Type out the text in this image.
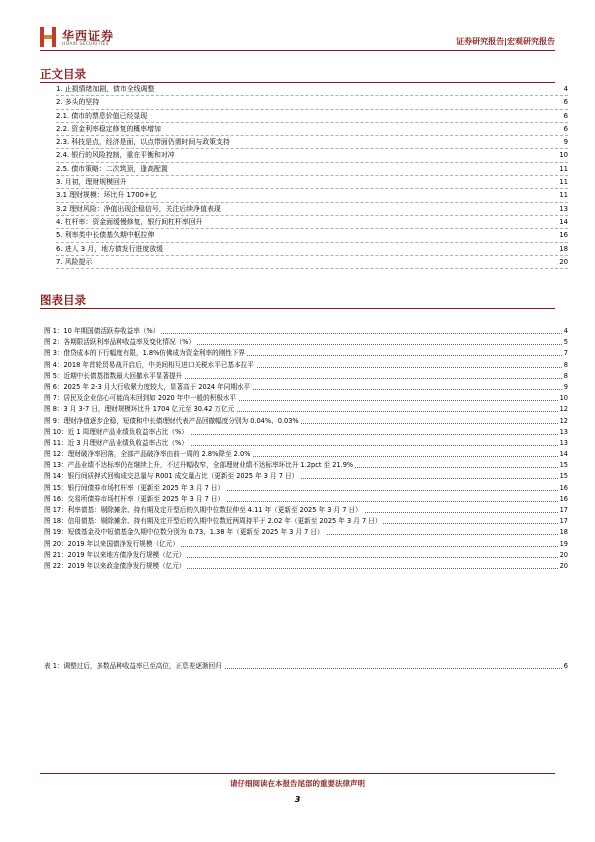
华西证券
HUAXI SECURITIES	证券研究报告|宏观研究报告
正文目录
1. 止损情绪加剧，债市全线调整	4
2. 多头的坚持	6
2.1. 债市的票息价值已经显现	6
2.2. 资金利率稳定修复的概率增加	6
2.3. 科技是点，经济是面，以点带面仍需时间与政策支持	9
2.4. 银行的风险控制，重在平衡和对冲	10
2.5. 债市策略：二次筑顶，逢高配置	11
3. 月初，理财规模回升	11
3.1 理财规模：环比升 1700+亿	11
3.2 理财风险：净值出现企稳信号，关注后续净值表现	13
4. 杠杆率：资金面缓慢修复，银行间杠杆率回升	14
5. 利率类中长债基久期中枢拉伸	16
6. 进入 3 月，地方债发行进度放缓	18
7. 风险提示	20
图表目录
图 1：10 年期国债活跃券收益率（%）	4
图 2：各期限活跃利率品种收益率及变化情况（%）	5
图 3：借贷成本的下行幅度有限，1.8%仿佛成为资金利率的刚性下界	7
图 4：2018 年首轮贸易战开启后，中美间相互进口关税水平已基本拉平	8
图 5：近期中长债基指数最大回撤水平显著提升	8
图 6：2025 年 2-3 月大行收紧力度较大，显著高于 2024 年同期水平	9
图 7：居民及企业信心可能尚未回到如 2020 年中一般的积极水平	10
图 8：3 月 3-7 日，理财规模环比升 1704 亿元至 30.42 万亿元	12
图 9：理财净值逐步企稳，短债和中长债理财代表产品回撤幅度分别为 0.04%、0.03%	12
图 10：近 1 周理财产品业绩负收益率占比（%）	13
图 11：近 3 月理财产品业绩负收益率占比（%）	13
图 12：理财破净率回落，全部产品破净率由前一周的 2.8%降至 2.0%	14
图 13：产品业绩不达标率仍在继续上升，不过升幅收窄，全部理财业绩不达标率环比升 1.2pct 至 21.9%	15
图 14：银行间质押式回购成交总量与 R001 成交量占比（更新至 2025 年 3 月 7 日）	15
图 15：银行间债券市场杠杆率（更新至 2025 年 3 月 7 日）	16
图 16：交易所债券市场杠杆率（更新至 2025 年 3 月 7 日）	16
图 17：利率债基：剔除摊余、持有期及定开型后的久期中位数拉伸至 4.11 年（更新至 2025 年 3 月 7 日）	17
图 18：信用债基：剔除摊余、持有期及定开型后的久期中位数近两周持平于 2.02 年（更新至 2025 年 3 月 7 日）	17
图 19：短债基金及中短债基金久期中位数分别为 0.73、1.38 年（更新至 2025 年 3 月 7 日）	18
图 20：2019 年以来国债净发行规模（亿元）	19
图 21：2019 年以来地方债净发行规模（亿元）	20
图 22：2019 年以来政金债净发行规模（亿元）	20
表 1：调整过后，多数品种收益率已至高位，正息差逐渐回归	6
请仔细阅读在本报告尾部的重要法律声明
3
